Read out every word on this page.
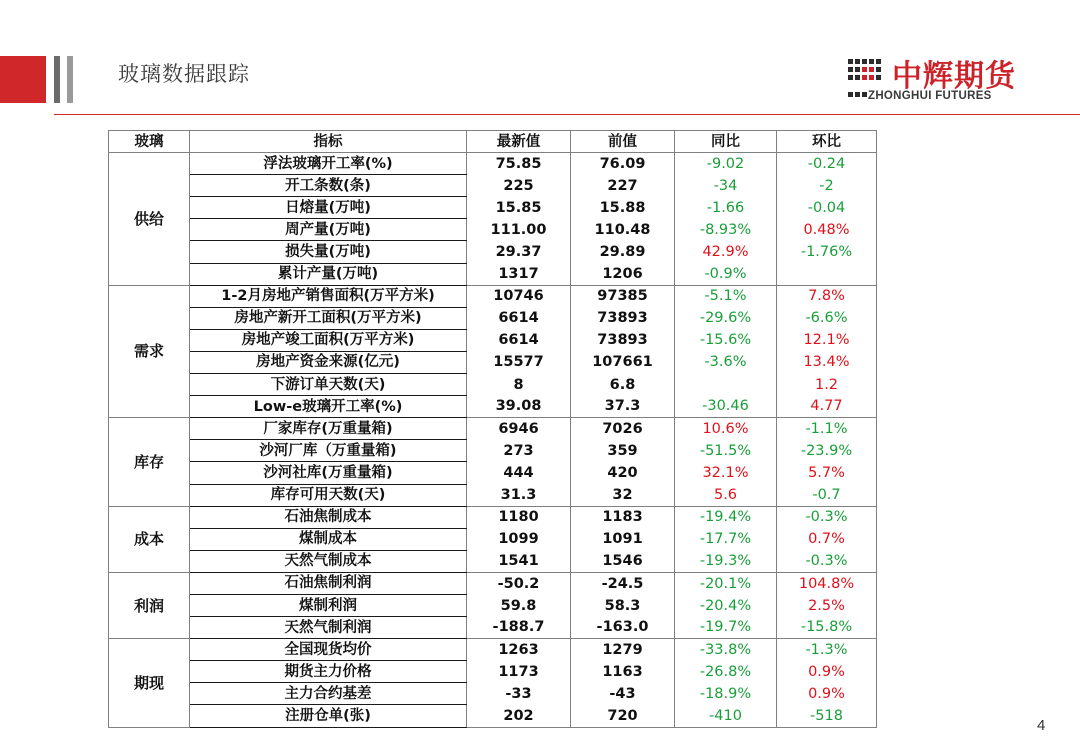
玻璃数据跟踪	中辉期货
ZHONGHUI FUTURES
玻璃	指标	最新值	前值	同比	环比
供给	浮法玻璃开工率(%)	75.85	76.09	-9.02	-0.24
	开工条数(条)	225	227	-34	-2
	日熔量(万吨)	15.85	15.88	-1.66	-0.04
	周产量(万吨)	111.00	110.48	-8.93%	0.48%
	损失量(万吨)	29.37	29.89	42.9%	-1.76%
	累计产量(万吨)	1317	1206	-0.9%	
需求	1-2月房地产销售面积(万平方米)	10746	97385	-5.1%	7.8%
	房地产新开工面积(万平方米)	6614	73893	-29.6%	-6.6%
	房地产竣工面积(万平方米)	6614	73893	-15.6%	12.1%
	房地产资金来源(亿元)	15577	107661	-3.6%	13.4%
	下游订单天数(天)	8	6.8		1.2
	Low-e玻璃开工率(%)	39.08	37.3	-30.46	4.77
库存	厂家库存(万重量箱)	6946	7026	10.6%	-1.1%
	沙河厂库（万重量箱)	273	359	-51.5%	-23.9%
	沙河社库(万重量箱)	444	420	32.1%	5.7%
	库存可用天数(天)	31.3	32	5.6	-0.7
成本	石油焦制成本	1180	1183	-19.4%	-0.3%
	煤制成本	1099	1091	-17.7%	0.7%
	天然气制成本	1541	1546	-19.3%	-0.3%
利润	石油焦制利润	-50.2	-24.5	-20.1%	104.8%
	煤制利润	59.8	58.3	-20.4%	2.5%
	天然气制利润	-188.7	-163.0	-19.7%	-15.8%
期现	全国现货均价	1263	1279	-33.8%	-1.3%
	期货主力价格	1173	1163	-26.8%	0.9%
	主力合约基差	-33	-43	-18.9%	0.9%
	注册仓单(张)	202	720	-410	-518
4
